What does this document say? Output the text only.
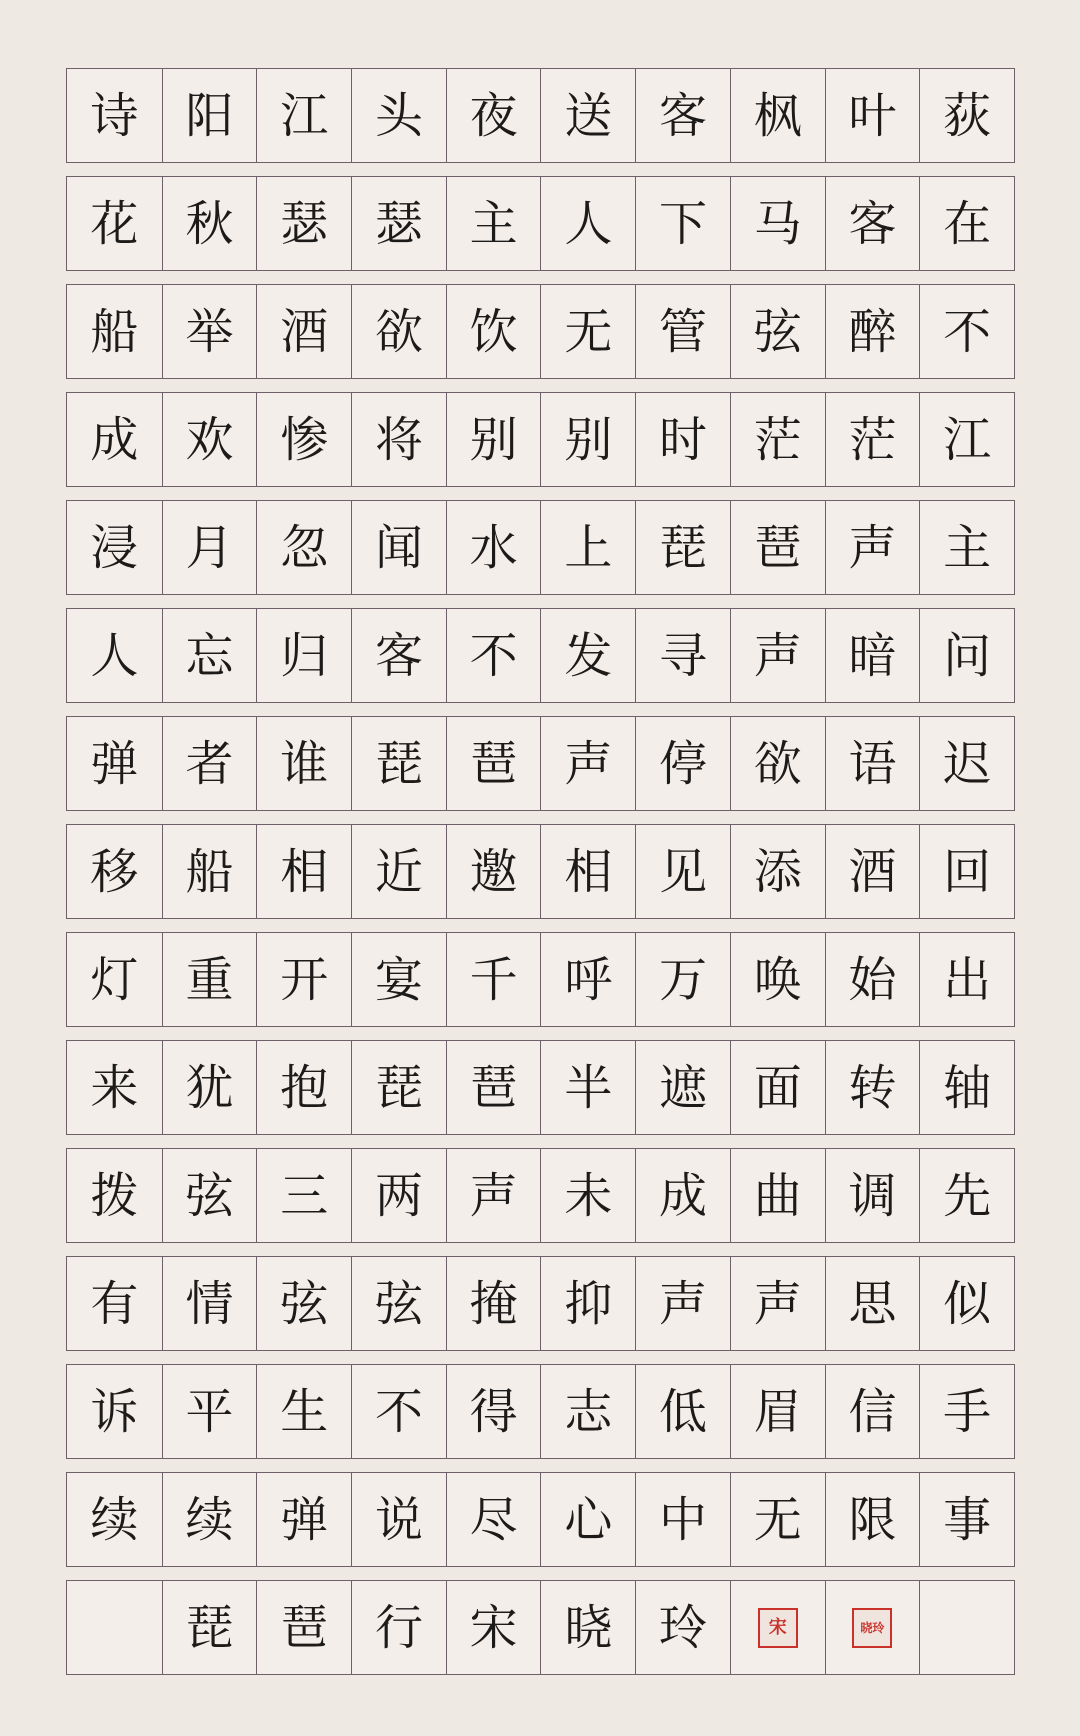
诗 阳 江 头 夜 送 客 枫 叶 荻
花 秋 瑟 瑟 主 人 下 马 客 在
船 举 酒 欲 饮 无 管 弦 醉 不
成 欢 惨 将 别 别 时 茫 茫 江
浸 月 忽 闻 水 上 琵 琶 声 主
人 忘 归 客 不 发 寻 声 暗 问
弹 者 谁 琵 琶 声 停 欲 语 迟
移 船 相 近 邀 相 见 添 酒 回
灯 重 开 宴 千 呼 万 唤 始 出
来 犹 抱 琵 琶 半 遮 面 转 轴
拨 弦 三 两 声 未 成 曲 调 先
有 情 弦 弦 掩 抑 声 声 思 似
诉 平 生 不 得 志 低 眉 信 手
续 续 弹 说 尽 心 中 无 限 事
琵 琶 行 宋 晓 玲	宋	晓玲
